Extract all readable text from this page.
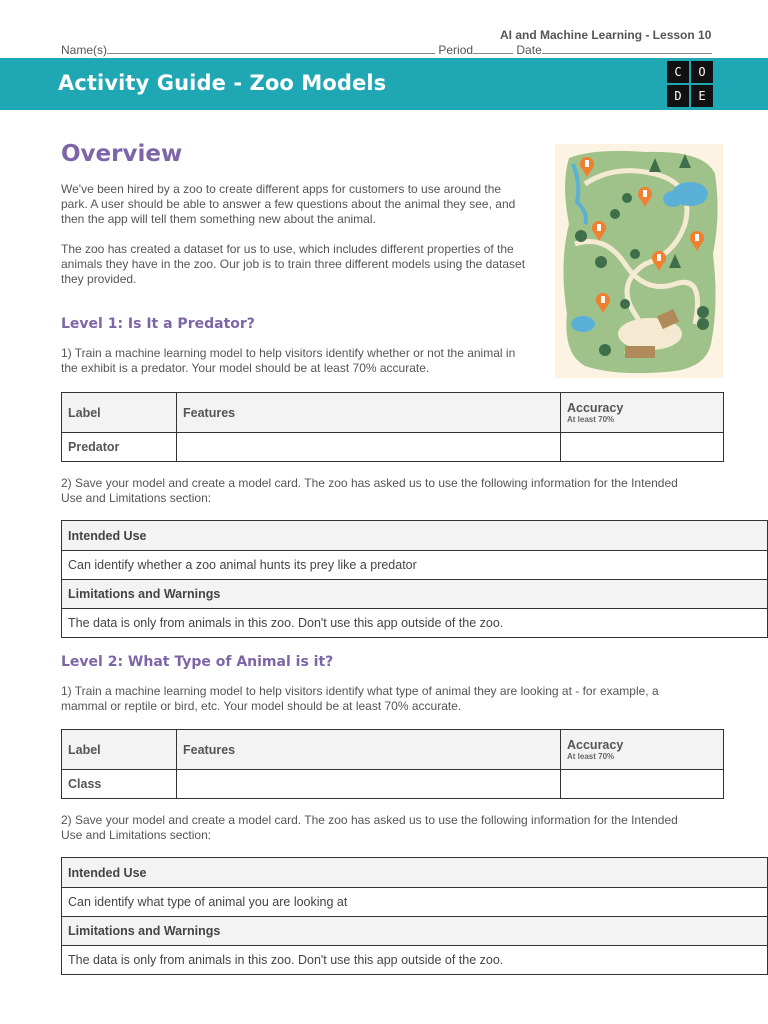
AI and Machine Learning - Lesson 10
Name(s)	Period	Date
Activity Guide - Zoo Models	C	O
D	E
Overview
We've been hired by a zoo to create different apps for customers to use around the
park. A user should be able to answer a few questions about the animal they see, and
then the app will tell them something new about the animal.
The zoo has created a dataset for us to use, which includes different properties of the
animals they have in the zoo. Our job is to train three different models using the dataset
they provided.
Level 1: Is It a Predator?
1) Train a machine learning model to help visitors identify whether or not the animal in
the exhibit is a predator. Your model should be at least 70% accurate.
Label	Features	Accuracy
At least 70%

Predator		
2) Save your model and create a model card. The zoo has asked us to use the following information for the Intended
Use and Limitations section:
Intended Use
Can identify whether a zoo animal hunts its prey like a predator
Limitations and Warnings
The data is only from animals in this zoo. Don't use this app outside of the zoo.
Level 2: What Type of Animal is it?
1) Train a machine learning model to help visitors identify what type of animal they are looking at - for example, a
mammal or reptile or bird, etc. Your model should be at least 70% accurate.
Label	Features	Accuracy
At least 70%

Class		
2) Save your model and create a model card. The zoo has asked us to use the following information for the Intended
Use and Limitations section:
Intended Use
Can identify what type of animal you are looking at
Limitations and Warnings
The data is only from animals in this zoo. Don't use this app outside of the zoo.
